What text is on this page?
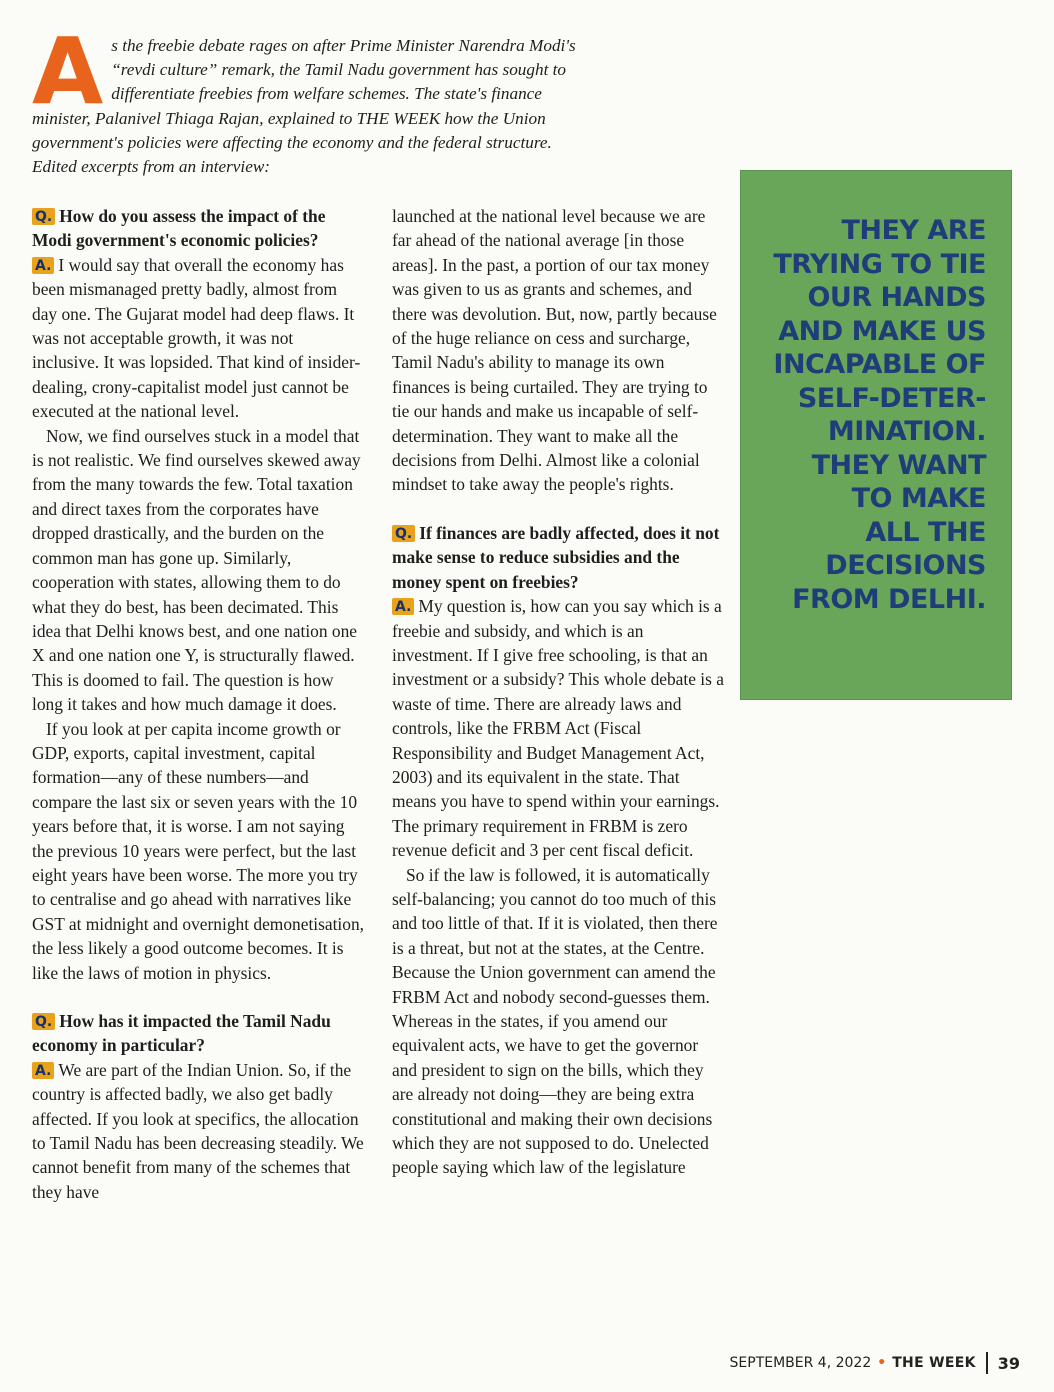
As the freebie debate rages on after Prime Minister Narendra Modi's “revdi culture” remark, the Tamil Nadu government has sought to differentiate freebies from welfare schemes. The state's finance minister, Palanivel Thiaga Rajan, explained to THE WEEK how the Union government's policies were affecting the economy and the federal structure. Edited excerpts from an interview:

Q. How do you assess the impact of the Modi government's economic policies?

A. I would say that overall the economy has been mismanaged pretty badly, almost from day one. The Gujarat model had deep flaws. It was not acceptable growth, it was not inclusive. It was lopsided. That kind of insider-dealing, crony-capitalist model just cannot be executed at the national level.

Now, we find ourselves stuck in a model that is not realistic. We find ourselves skewed away from the many towards the few. Total taxation and direct taxes from the corporates have dropped drastically, and the burden on the common man has gone up. Similarly, cooperation with states, allowing them to do what they do best, has been decimated. This idea that Delhi knows best, and one nation one X and one nation one Y, is structurally flawed. This is doomed to fail. The question is how long it takes and how much damage it does.

If you look at per capita income growth or GDP, exports, capital investment, capital formation—any of these numbers—and compare the last six or seven years with the 10 years before that, it is worse. I am not saying the previous 10 years were perfect, but the last eight years have been worse. The more you try to centralise and go ahead with narratives like GST at midnight and overnight demonetisation, the less likely a good outcome becomes. It is like the laws of motion in physics.

Q. How has it impacted the Tamil Nadu economy in particular?

A. We are part of the Indian Union. So, if the country is affected badly, we also get badly affected. If you look at specifics, the allocation to Tamil Nadu has been decreasing steadily. We cannot benefit from many of the schemes that they have

launched at the national level because we are far ahead of the national average [in those areas]. In the past, a portion of our tax money was given to us as grants and schemes, and there was devolution. But, now, partly because of the huge reliance on cess and surcharge, Tamil Nadu's ability to manage its own finances is being curtailed. They are trying to tie our hands and make us incapable of self-determination. They want to make all the decisions from Delhi. Almost like a colonial mindset to take away the people's rights.

Q. If finances are badly affected, does it not make sense to reduce subsidies and the money spent on freebies?

A. My question is, how can you say which is a freebie and subsidy, and which is an investment. If I give free schooling, is that an investment or a subsidy? This whole debate is a waste of time. There are already laws and controls, like the FRBM Act (Fiscal Responsibility and Budget Management Act, 2003) and its equivalent in the state. That means you have to spend within your earnings. The primary requirement in FRBM is zero revenue deficit and 3 per cent fiscal deficit.

So if the law is followed, it is automatically self-balancing; you cannot do too much of this and too little of that. If it is violated, then there is a threat, but not at the states, at the Centre. Because the Union government can amend the FRBM Act and nobody second-guesses them. Whereas in the states, if you amend our equivalent acts, we have to get the governor and president to sign on the bills, which they are already not doing—they are being extra constitutional and making their own decisions which they are not supposed to do. Unelected people saying which law of the legislature

THEY ARE

TRYING TO TIE

OUR HANDS

AND MAKE US

INCAPABLE OF

SELF-DETER-

MINATION.

THEY WANT

TO MAKE

ALL THE

DECISIONS

FROM DELHI.

SEPTEMBER 4, 2022 • THE WEEK 39
